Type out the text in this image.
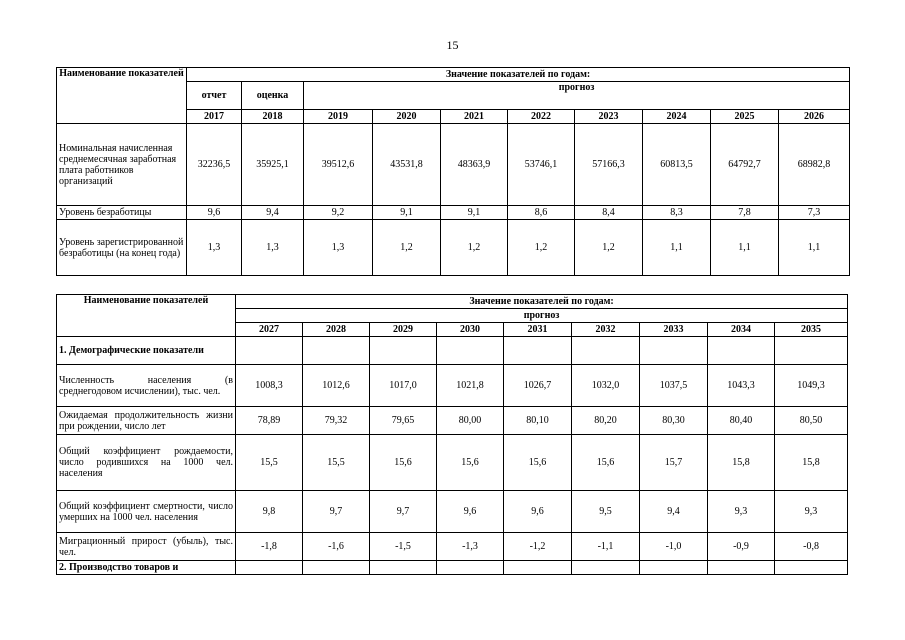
15
Наименование показателей	Значение показателей по годам:									
	отчет	оценка	прогноз							
	2017	2018	2019	2020	2021	2022	2023	2024	2025	2026
Номинальная начисленная среднемесячная заработная плата работников организаций	32236,5	35925,1	39512,6	43531,8	48363,9	53746,1	57166,3	60813,5	64792,7	68982,8
Уровень безработицы	9,6	9,4	9,2	9,1	9,1	8,6	8,4	8,3	7,8	7,3
Уровень зарегистрированной безработицы (на конец года)	1,3	1,3	1,3	1,2	1,2	1,2	1,2	1,1	1,1	1,1
Наименование показателей	Значение показателей по годам:								
	прогноз								
	2027	2028	2029	2030	2031	2032	2033	2034	2035
1. Демографические показатели									
Численность населения (в среднегодовом исчислении), тыс. чел.	1008,3	1012,6	1017,0	1021,8	1026,7	1032,0	1037,5	1043,3	1049,3
Ожидаемая продолжительность жизни при рождении, число лет	78,89	79,32	79,65	80,00	80,10	80,20	80,30	80,40	80,50
Общий коэффициент рождаемости, число родившихся на 1000 чел. населения	15,5	15,5	15,6	15,6	15,6	15,6	15,7	15,8	15,8
Общий коэффициент смертности, число умерших на 1000 чел. населения	9,8	9,7	9,7	9,6	9,6	9,5	9,4	9,3	9,3
Миграционный прирост (убыль), тыс. чел.	-1,8	-1,6	-1,5	-1,3	-1,2	-1,1	-1,0	-0,9	-0,8
2. Производство товаров и									
